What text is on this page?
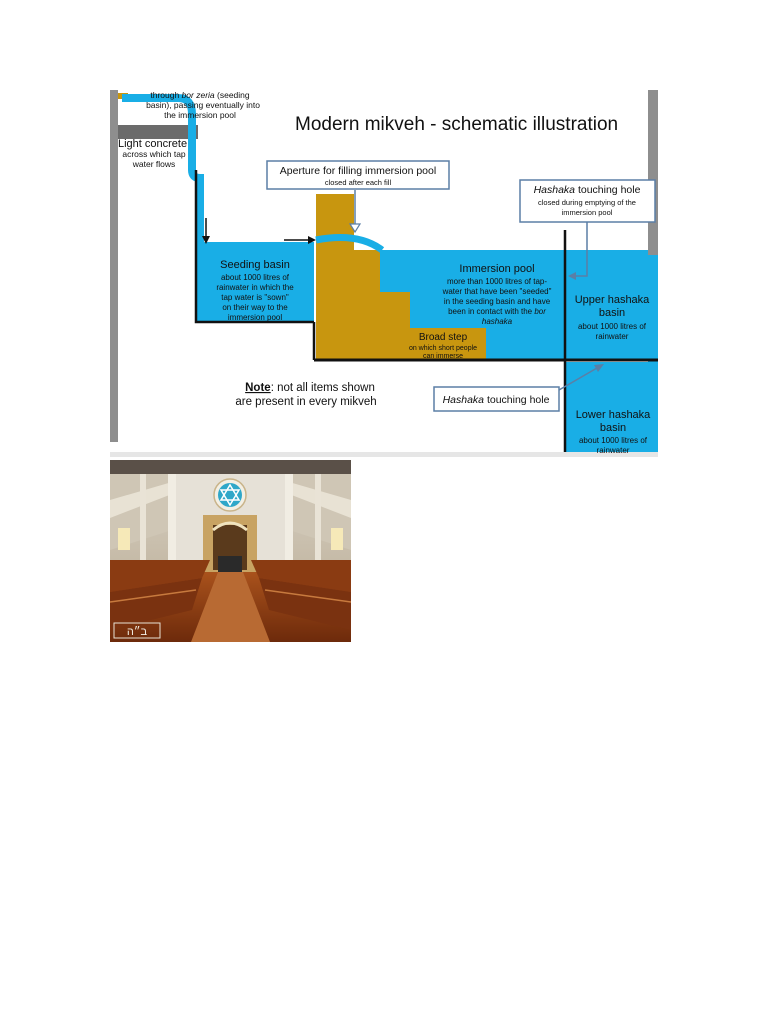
Modern mikveh - schematic illustration
through bor zeria (seeding
basin), passing eventually into
the immersion pool
Light concrete
across which tap
water flows
Aperture for filling immersion pool
closed after each fill
Hashaka touching hole
closed during emptying of the
immersion pool
Seeding basin
about 1000 litres of
rainwater in which the
tap water is "sown"
on their way to the
immersion pool
Immersion pool
more than 1000 litres of tap-
water that have been "seeded"
in the seeding basin and have
been in contact with the bor
hashaka
Broad step
on which short people
can immerse
Upper hashaka
basin
about 1000 litres of
rainwater
Lower hashaka
basin
about 1000 litres of
rainwater
Note: not all items shown
are present in every mikveh	Hashaka touching hole
ב״ה
